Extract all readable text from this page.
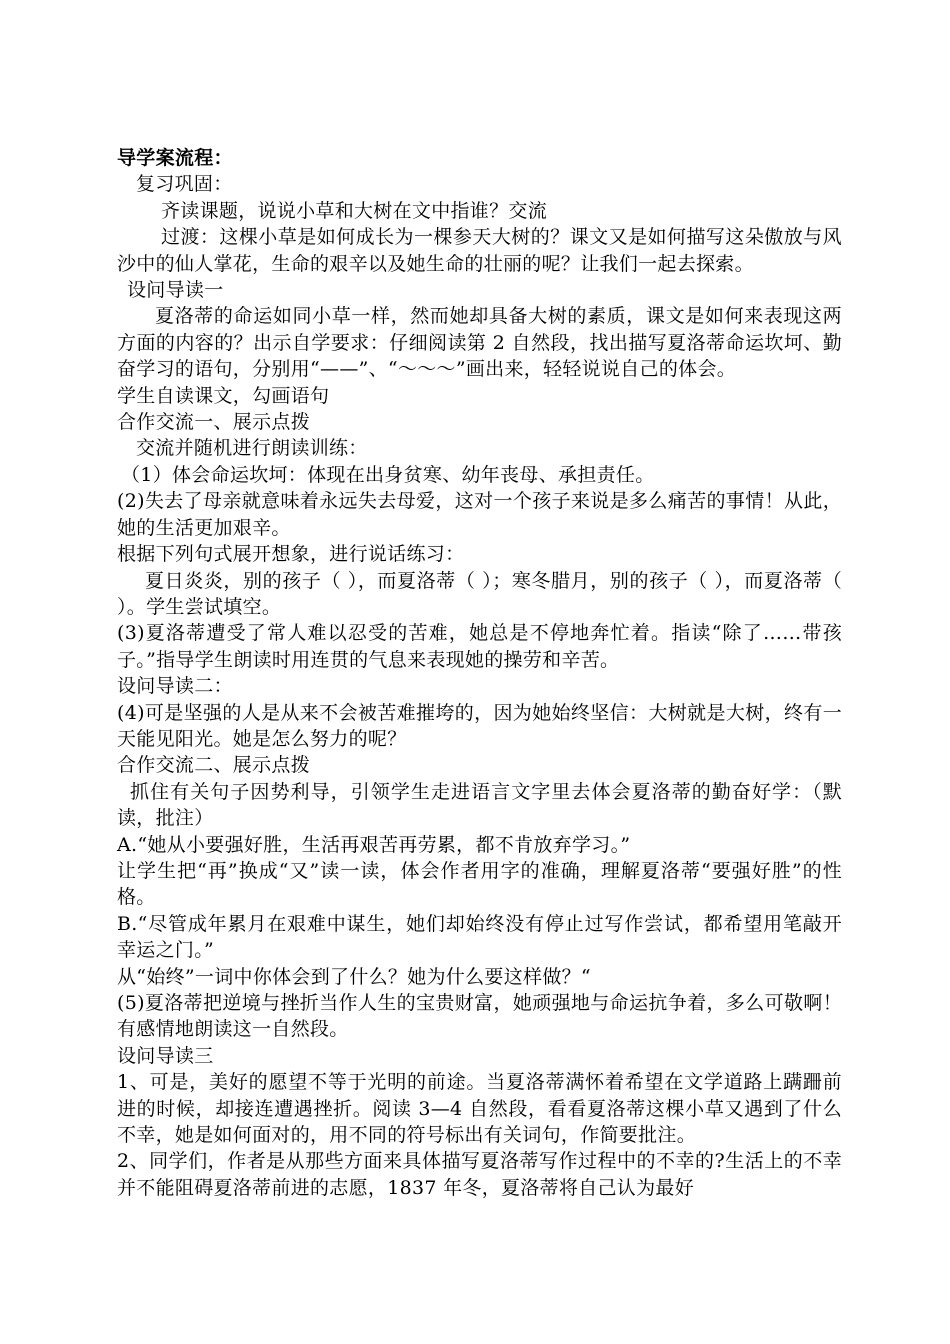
导学案流程：

复习巩固：

齐读课题，说说小草和大树在文中指谁？交流

过渡：这棵小草是如何成长为一棵参天大树的？课文又是如何描写这朵傲放与风沙中的仙人掌花，生命的艰辛以及她生命的壮丽的呢？让我们一起去探索。

设问导读一

夏洛蒂的命运如同小草一样，然而她却具备大树的素质，课文是如何来表现这两方面的内容的？出示自学要求：仔细阅读第 2 自然段，找出描写夏洛蒂命运坎坷、勤奋学习的语句，分别用“——”、“～～～”画出来，轻轻说说自己的体会。

学生自读课文，勾画语句

合作交流一、展示点拨

交流并随机进行朗读训练：

（1）体会命运坎坷：体现在出身贫寒、幼年丧母、承担责任。

(2)失去了母亲就意味着永远失去母爱，这对一个孩子来说是多么痛苦的事情！从此，她的生活更加艰辛。

根据下列句式展开想象，进行说话练习：

夏日炎炎，别的孩子（ ），而夏洛蒂（ ）；寒冬腊月，别的孩子（ ），而夏洛蒂（ ）。学生尝试填空。

(3)夏洛蒂遭受了常人难以忍受的苦难，她总是不停地奔忙着。指读“除了……带孩子。”指导学生朗读时用连贯的气息来表现她的操劳和辛苦。

设问导读二：

(4)可是坚强的人是从来不会被苦难摧垮的，因为她始终坚信：大树就是大树，终有一天能见阳光。她是怎么努力的呢？

合作交流二、展示点拨

抓住有关句子因势利导，引领学生走进语言文字里去体会夏洛蒂的勤奋好学：（默读，批注）

A.“她从小要强好胜，生活再艰苦再劳累，都不肯放弃学习。”

让学生把“再”换成“又”读一读，体会作者用字的准确，理解夏洛蒂“要强好胜”的性格。

B.“尽管成年累月在艰难中谋生，她们却始终没有停止过写作尝试，都希望用笔敲开幸运之门。”

从“始终”一词中你体会到了什么？她为什么要这样做？“

(5)夏洛蒂把逆境与挫折当作人生的宝贵财富，她顽强地与命运抗争着，多么可敬啊！有感情地朗读这一自然段。

设问导读三

1、可是，美好的愿望不等于光明的前途。当夏洛蒂满怀着希望在文学道路上蹒跚前进的时候，却接连遭遇挫折。阅读 3—4 自然段，看看夏洛蒂这棵小草又遇到了什么不幸，她是如何面对的，用不同的符号标出有关词句，作简要批注。

2、同学们，作者是从那些方面来具体描写夏洛蒂写作过程中的不幸的?生活上的不幸并不能阻碍夏洛蒂前进的志愿，1837 年冬，夏洛蒂将自己认为最好
